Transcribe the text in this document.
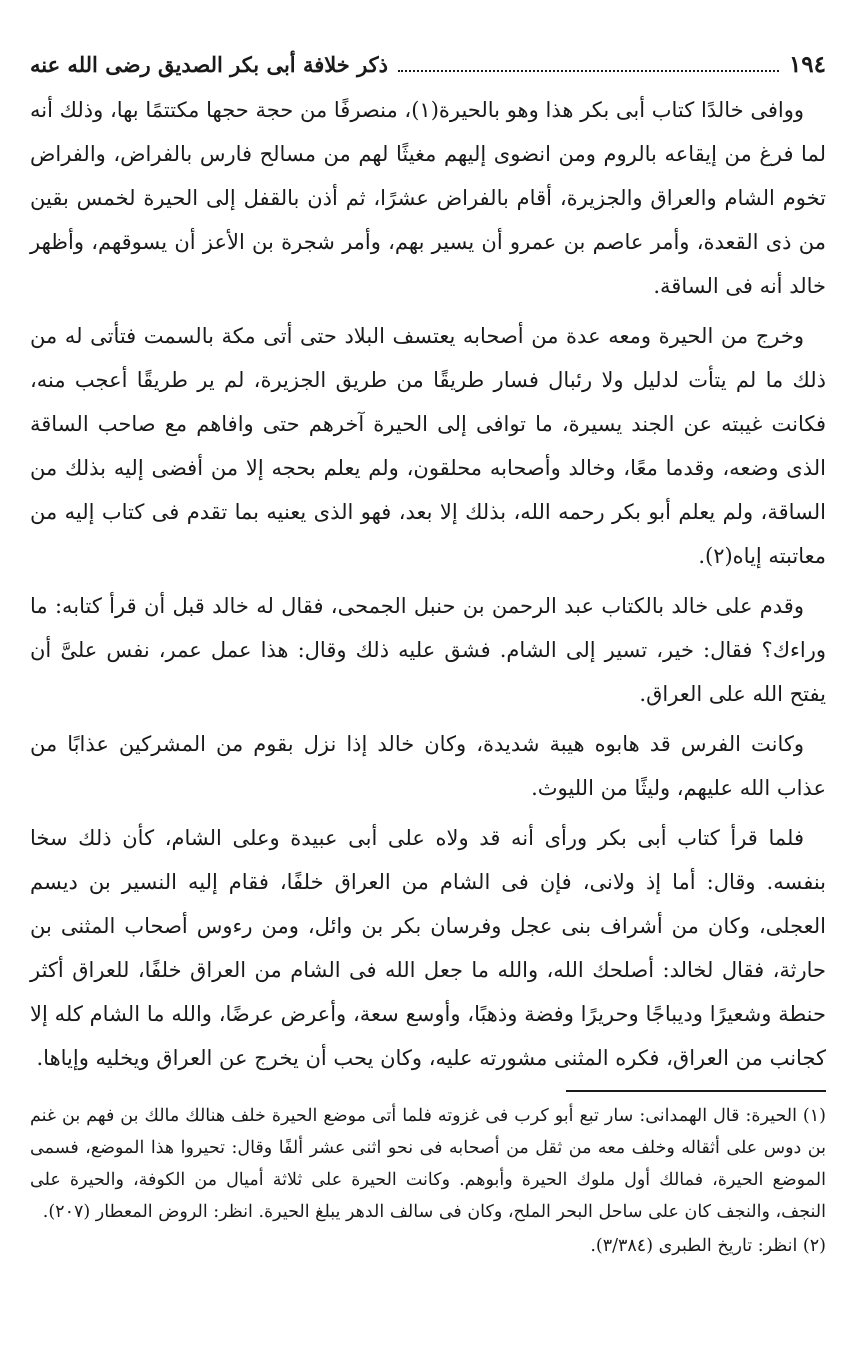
١٩٤
ذكر خلافة أبى بكر الصديق رضى الله عنه

ووافى خالدًا كتاب أبى بكر هذا وهو بالحيرة(١)، منصرفًا من حجة حجها مكتتمًا بها، وذلك أنه لما فرغ من إيقاعه بالروم ومن انضوى إليهم مغيثًا لهم من مسالح فارس بالفراض، والفراض تخوم الشام والعراق والجزيرة، أقام بالفراض عشرًا، ثم أذن بالقفل إلى الحيرة لخمس بقين من ذى القعدة، وأمر عاصم بن عمرو أن يسير بهم، وأمر شجرة بن الأعز أن يسوقهم، وأظهر خالد أنه فى الساقة.

وخرج من الحيرة ومعه عدة من أصحابه يعتسف البلاد حتى أتى مكة بالسمت فتأتى له من ذلك ما لم يتأت لدليل ولا رئبال فسار طريقًا من طريق الجزيرة، لم ير طريقًا أعجب منه، فكانت غيبته عن الجند يسيرة، ما توافى إلى الحيرة آخرهم حتى وافاهم مع صاحب الساقة الذى وضعه، وقدما معًا، وخالد وأصحابه محلقون، ولم يعلم بحجه إلا من أفضى إليه بذلك من الساقة، ولم يعلم أبو بكر رحمه الله، بذلك إلا بعد، فهو الذى يعنيه بما تقدم فى كتاب إليه من معاتبته إياه(٢).

وقدم على خالد بالكتاب عبد الرحمن بن حنبل الجمحى، فقال له خالد قبل أن قرأ كتابه: ما وراءك؟ فقال: خير، تسير إلى الشام. فشق عليه ذلك وقال: هذا عمل عمر، نفس علىَّ أن يفتح الله على العراق.

وكانت الفرس قد هابوه هيبة شديدة، وكان خالد إذا نزل بقوم من المشركين عذابًا من عذاب الله عليهم، وليثًا من الليوث.

فلما قرأ كتاب أبى بكر ورأى أنه قد ولاه على أبى عبيدة وعلى الشام، كأن ذلك سخا بنفسه. وقال: أما إذ ولانى، فإن فى الشام من العراق خلفًا، فقام إليه النسير بن ديسم العجلى، وكان من أشراف بنى عجل وفرسان بكر بن وائل، ومن رءوس أصحاب المثنى بن حارثة، فقال لخالد: أصلحك الله، والله ما جعل الله فى الشام من العراق خلفًا، للعراق أكثر حنطة وشعيرًا وديباجًا وحريرًا وفضة وذهبًا، وأوسع سعة، وأعرض عرضًا، والله ما الشام كله إلا كجانب من العراق، فكره المثنى مشورته عليه، وكان يحب أن يخرج عن العراق ويخليه وإياها.

(١) الحيرة: قال الهمدانى: سار تبع أبو كرب فى غزوته فلما أتى موضع الحيرة خلف هنالك مالك بن فهم بن غنم بن دوس على أثقاله وخلف معه من ثقل من أصحابه فى نحو اثنى عشر ألفًا وقال: تحيروا هذا الموضع، فسمى الموضع الحيرة، فمالك أول ملوك الحيرة وأبوهم. وكانت الحيرة على ثلاثة أميال من الكوفة، والحيرة على النجف، والنجف كان على ساحل البحر الملح، وكان فى سالف الدهر يبلغ الحيرة. انظر: الروض المعطار (٢٠٧).

(٢) انظر: تاريخ الطبرى (٣/٣٨٤).
